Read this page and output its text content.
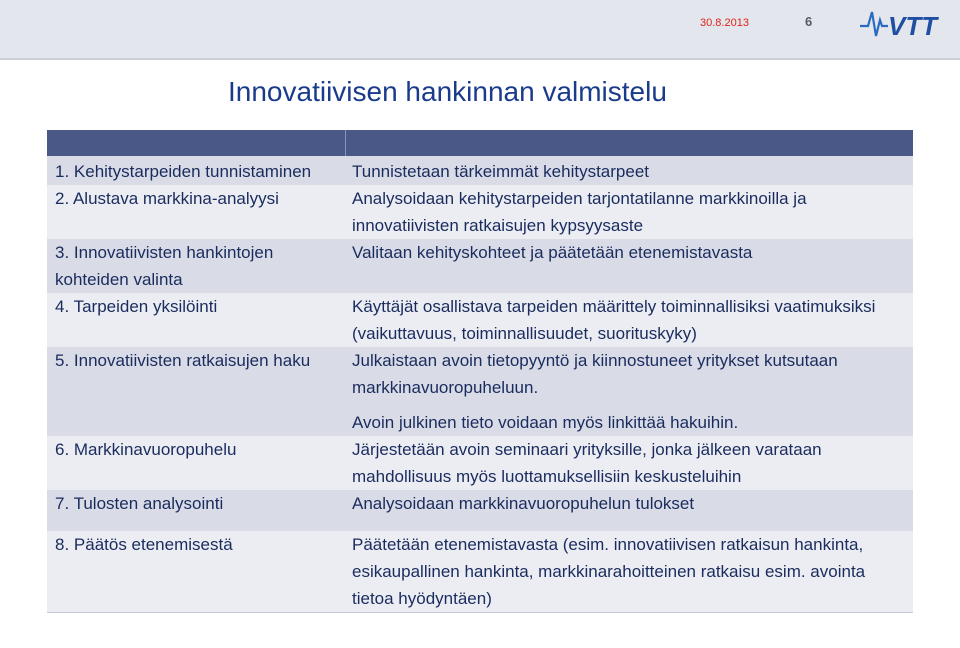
30.8.2013	6	VTT
Innovatiivisen hankinnan valmistelu

1. Kehitystarpeiden tunnistaminen	Tunnistetaan tärkeimmät kehitystarpeet
2. Alustava markkina-analyysi	Analysoidaan kehitystarpeiden tarjontatilanne markkinoilla ja innovatiivisten ratkaisujen kypsyysaste
3. Innovatiivisten hankintojen kohteiden valinta	Valitaan kehityskohteet ja päätetään etenemistavasta
4. Tarpeiden yksilöinti	Käyttäjät osallistava tarpeiden määrittely toiminnallisiksi vaatimuksiksi (vaikuttavuus, toiminnallisuudet, suorituskyky)
5. Innovatiivisten ratkaisujen haku	Julkaistaan avoin tietopyyntö ja kiinnostuneet yritykset kutsutaan markkinavuoropuheluun.
Avoin julkinen tieto voidaan myös linkittää hakuihin.

6. Markkinavuoropuhelu	Järjestetään avoin seminaari yrityksille, jonka jälkeen varataan mahdollisuus myös luottamuksellisiin keskusteluihin
7. Tulosten analysointi	Analysoidaan markkinavuoropuhelun tulokset
8. Päätös etenemisestä	Päätetään etenemistavasta (esim. innovatiivisen ratkaisun hankinta, esikaupallinen hankinta, markkinarahoitteinen ratkaisu esim. avointa tietoa hyödyntäen)
